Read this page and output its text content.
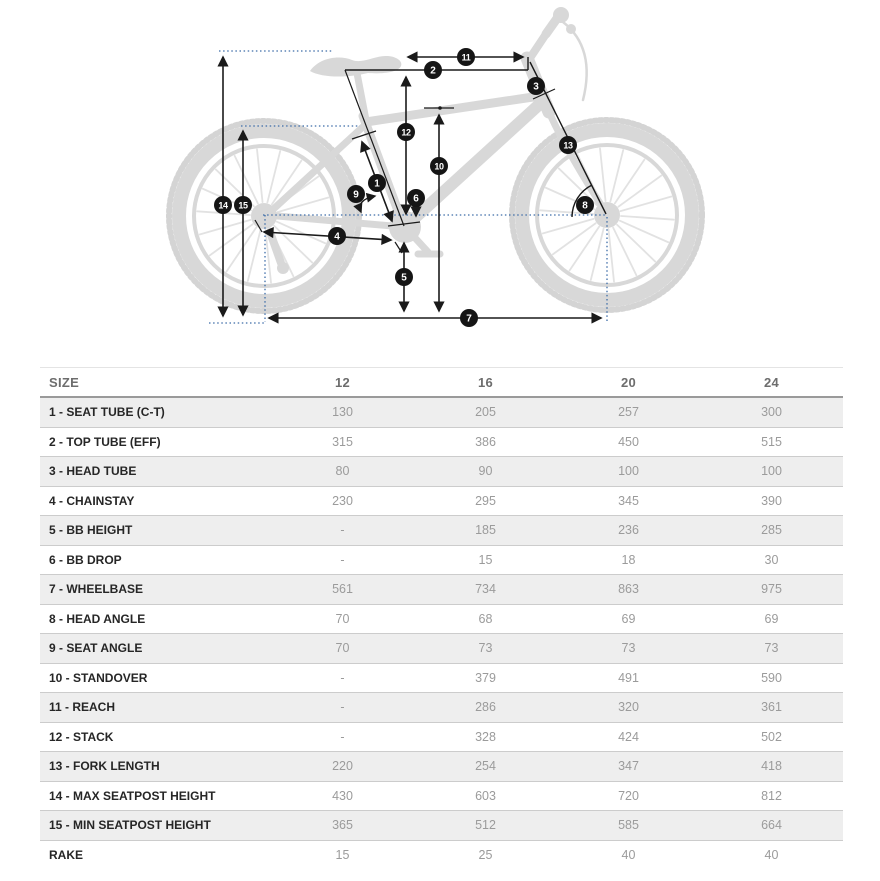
1
2
3
4
5
6
7
8
9
10
11
12
13
14 15
SIZE	12	16	20	24
1 - SEAT TUBE (C-T)	130	205	257	300
2 - TOP TUBE (EFF)	315	386	450	515
3 - HEAD TUBE	80	90	100	100
4 - CHAINSTAY	230	295	345	390
5 - BB HEIGHT	-	185	236	285
6 - BB DROP	-	15	18	30
7 - WHEELBASE	561	734	863	975
8 - HEAD ANGLE	70	68	69	69
9 - SEAT ANGLE	70	73	73	73
10 - STANDOVER	-	379	491	590
11 - REACH	-	286	320	361
12 - STACK	-	328	424	502
13 - FORK LENGTH	220	254	347	418
14 - MAX SEATPOST HEIGHT	430	603	720	812
15 - MIN SEATPOST HEIGHT	365	512	585	664
RAKE	15	25	40	40
